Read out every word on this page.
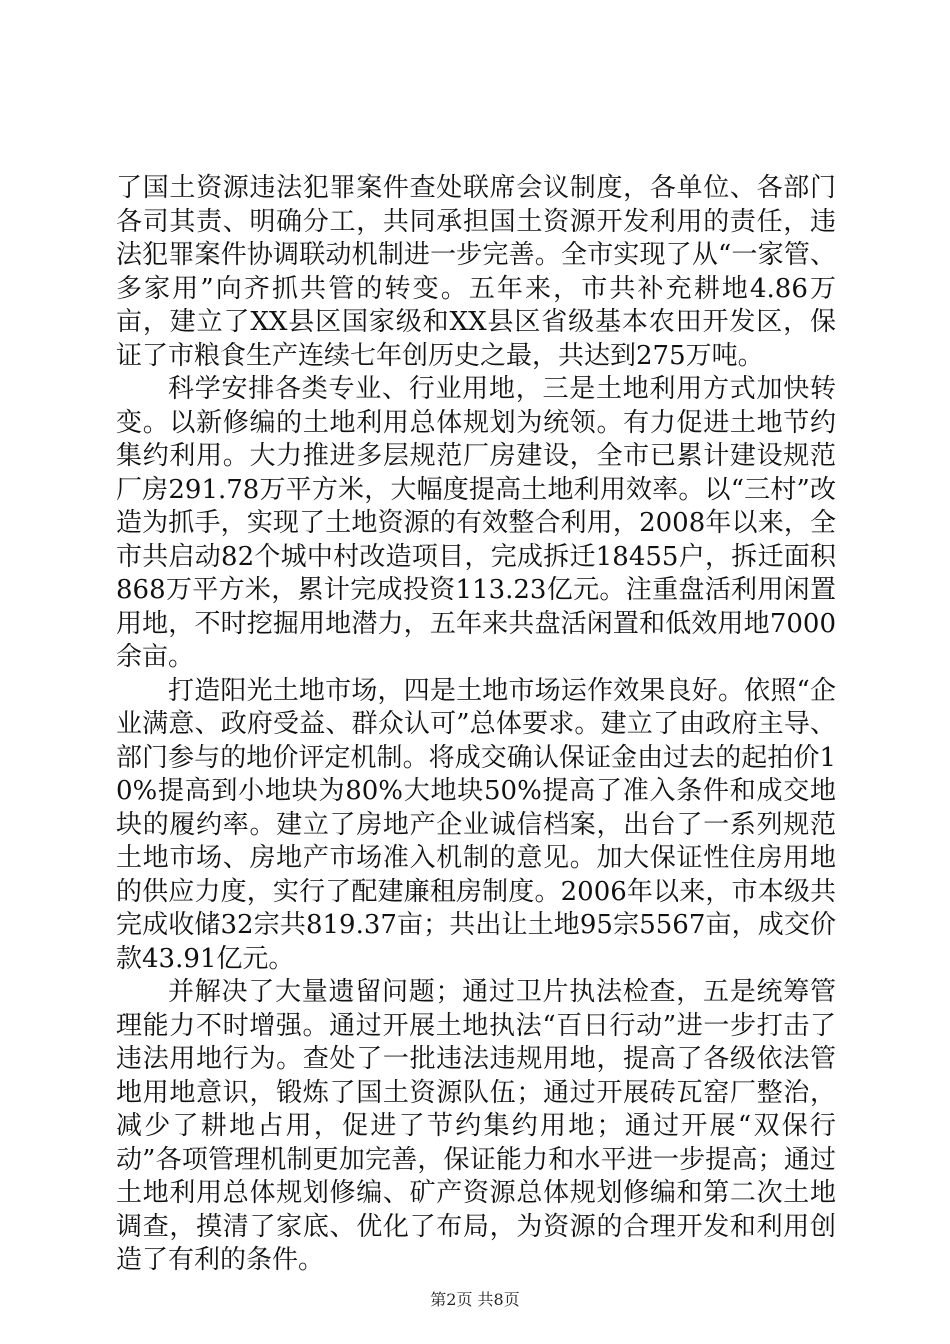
了国土资源违法犯罪案件查处联席会议制度，各单位、各部门各司其责、明确分工，共同承担国土资源开发利用的责任，违法犯罪案件协调联动机制进一步完善。全市实现了从“一家管、多家用”向齐抓共管的转变。五年来，市共补充耕地4.86万亩，建立了XX县区国家级和XX县区省级基本农田开发区，保证了市粮食生产连续七年创历史之最，共达到275万吨。

科学安排各类专业、行业用地，三是土地利用方式加快转变。以新修编的土地利用总体规划为统领。有力促进土地节约集约利用。大力推进多层规范厂房建设，全市已累计建设规范厂房291.78万平方米，大幅度提高土地利用效率。以“三村”改造为抓手，实现了土地资源的有效整合利用，2008年以来，全市共启动82个城中村改造项目，完成拆迁18455户，拆迁面积868万平方米，累计完成投资113.23亿元。注重盘活利用闲置用地，不时挖掘用地潜力，五年来共盘活闲置和低效用地7000余亩。

打造阳光土地市场，四是土地市场运作效果良好。依照“企业满意、政府受益、群众认可”总体要求。建立了由政府主导、部门参与的地价评定机制。将成交确认保证金由过去的起拍价10%提高到小地块为80%大地块50%提高了准入条件和成交地块的履约率。建立了房地产企业诚信档案，出台了一系列规范土地市场、房地产市场准入机制的意见。加大保证性住房用地的供应力度，实行了配建廉租房制度。2006年以来，市本级共完成收储32宗共819.37亩；共出让土地95宗5567亩，成交价款43.91亿元。

并解决了大量遗留问题；通过卫片执法检查，五是统筹管理能力不时增强。通过开展土地执法“百日行动”进一步打击了违法用地行为。查处了一批违法违规用地，提高了各级依法管地用地意识，锻炼了国土资源队伍；通过开展砖瓦窑厂整治，减少了耕地占用，促进了节约集约用地；通过开展“双保行动”各项管理机制更加完善，保证能力和水平进一步提高；通过土地利用总体规划修编、矿产资源总体规划修编和第二次土地调查，摸清了家底、优化了布局，为资源的合理开发和利用创造了有利的条件。

第2页 共8页
